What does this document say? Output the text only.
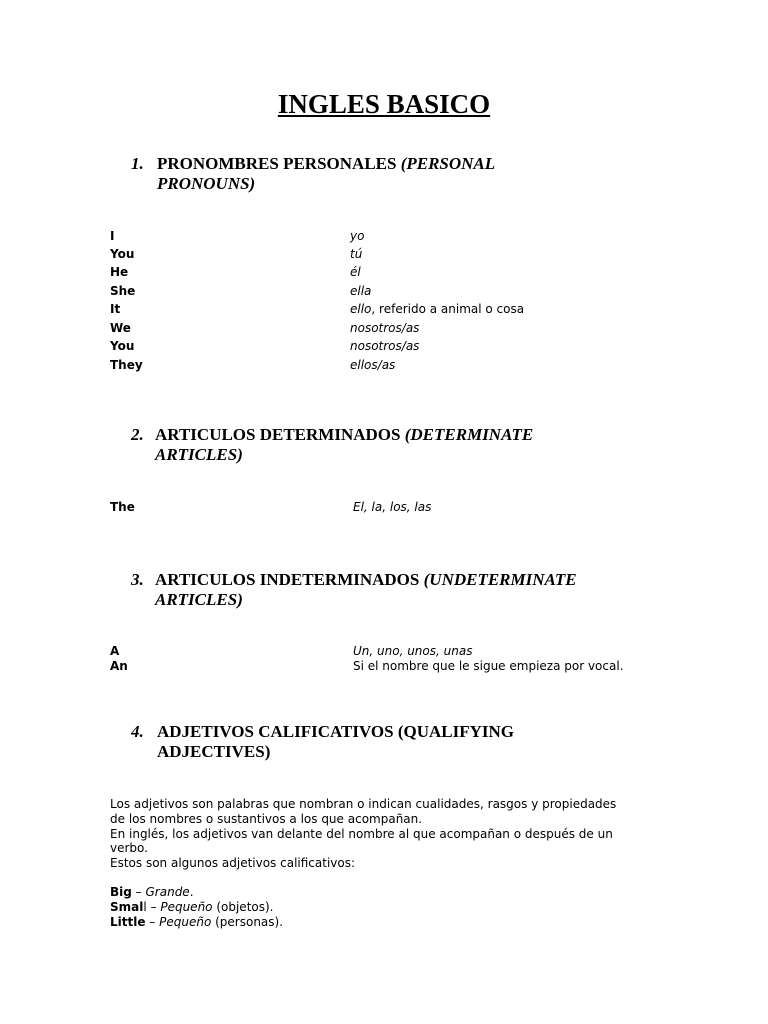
INGLES BASICO
1. PRONOMBRES PERSONALES (PERSONAL PRONOUNS)
I	yo
You	tú
He	él
She	ella
It	ello, referido a animal o cosa
We	nosotros/as
You	nosotros/as
They	ellos/as
2. ARTICULOS DETERMINADOS (DETERMINATE ARTICLES)
The	El, la, los, las
3. ARTICULOS INDETERMINADOS (UNDETERMINATE ARTICLES)
A	Un, uno, unos, unas
An	Si el nombre que le sigue empieza por vocal.
4. ADJETIVOS CALIFICATIVOS (QUALIFYING ADJECTIVES)
Los adjetivos son palabras que nombran o indican cualidades, rasgos y propiedades
de los nombres o sustantivos a los que acompañan.
En inglés, los adjetivos van delante del nombre al que acompañan o después de un
verbo.
Estos son algunos adjetivos calificativos:
Big – Grande.
Small – Pequeño (objetos).
Little – Pequeño (personas).
